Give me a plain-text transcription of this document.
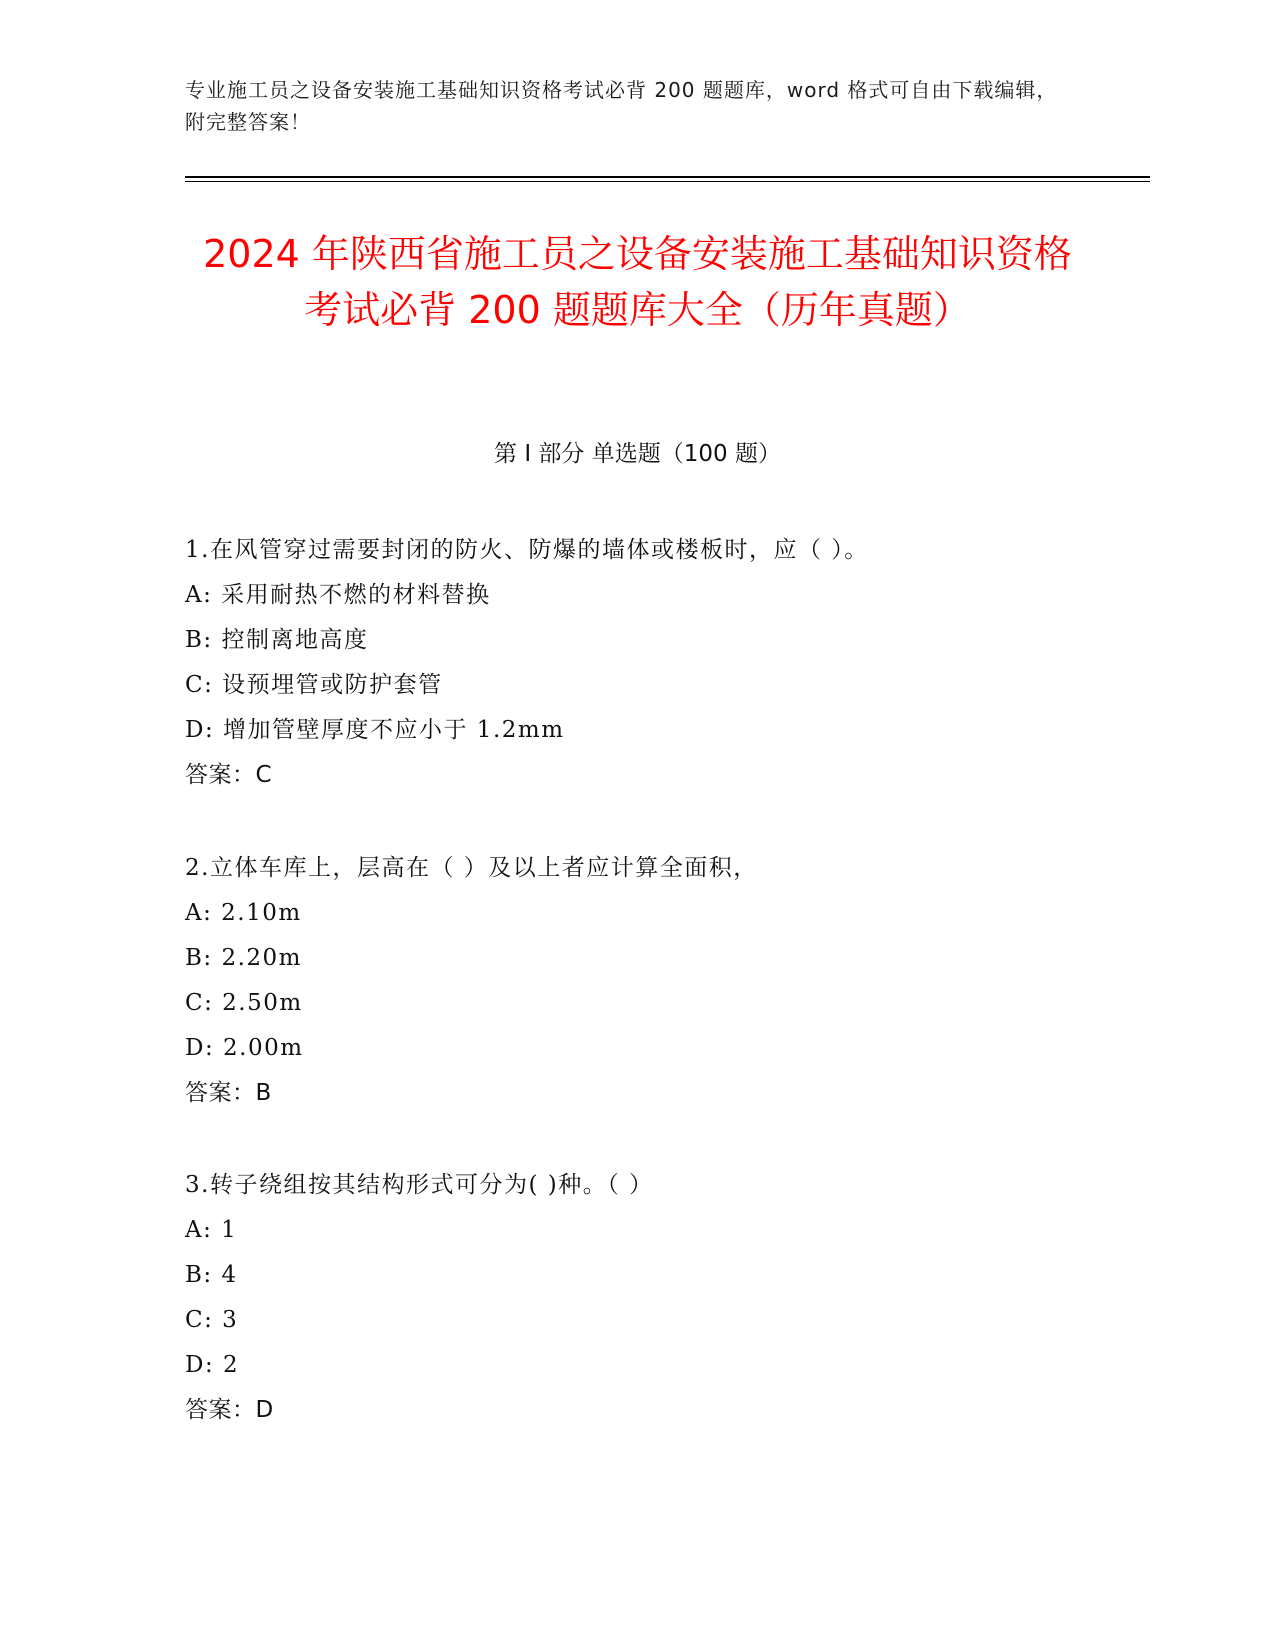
专业施工员之设备安装施工基础知识资格考试必背 200 题题库，word 格式可自由下载编辑，附完整答案！
2024 年陕西省施工员之设备安装施工基础知识资格考试必背 200 题题库大全（历年真题）
第 I 部分 单选题（100 题）
1.在风管穿过需要封闭的防火、防爆的墙体或楼板时，应（ ）。
A: 采用耐热不燃的材料替换
B: 控制离地高度
C: 设预埋管或防护套管
D: 增加管壁厚度不应小于 1.2mm
答案：C
2.立体车库上，层高在（ ）及以上者应计算全面积，
A: 2.10m
B: 2.20m
C: 2.50m
D: 2.00m
答案：B
3.转子绕组按其结构形式可分为( )种。（ ）
A: 1
B: 4
C: 3
D: 2
答案：D
